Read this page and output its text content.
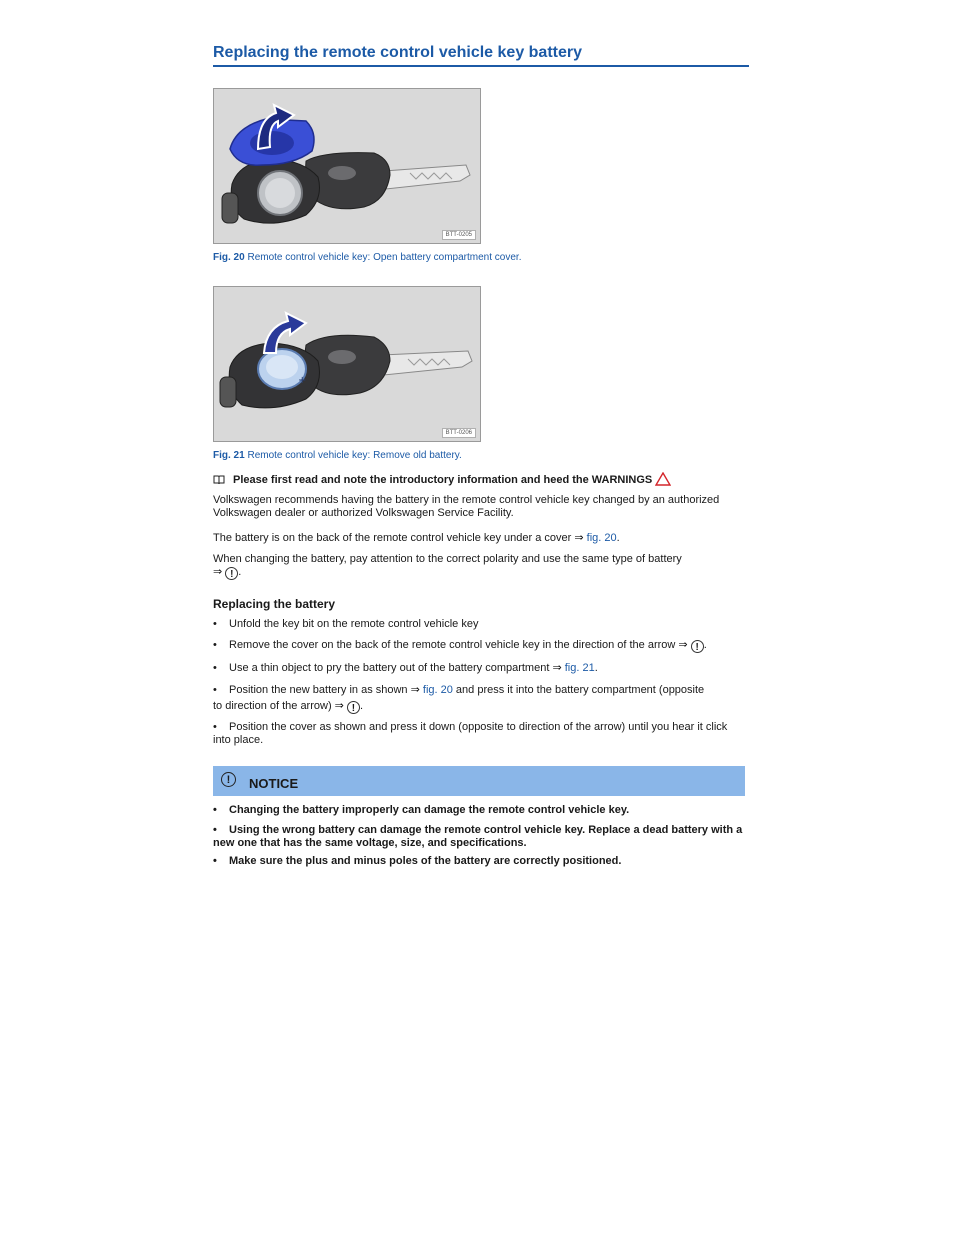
Replacing the remote control vehicle key battery
BTT-0205
Fig. 20 Remote control vehicle key: Open battery compartment cover.
+
BTT-0206
Fig. 21 Remote control vehicle key: Remove old battery.
Please first read and note the introductory information and heed the WARNINGS
Volkswagen recommends having the battery in the remote control vehicle key changed by an authorized Volkswagen dealer or authorized Volkswagen Service Facility.
The battery is on the back of the remote control vehicle key under a cover ⇒ fig. 20.
When changing the battery, pay attention to the correct polarity and use the same type of battery
⇒ ! .
Replacing the battery
• Unfold the key bit on the remote control vehicle key
• Remove the cover on the back of the remote control vehicle key in the direction of the arrow ⇒ ! .
• Use a thin object to pry the battery out of the battery compartment ⇒ fig. 21.
• Position the new battery in as shown ⇒ fig. 20 and press it into the battery compartment (opposite
to direction of the arrow) ⇒ ! .
• Position the cover as shown and press it down (opposite to direction of the arrow) until you hear it click into place.
!	NOTICE
• Changing the battery improperly can damage the remote control vehicle key.
• Using the wrong battery can damage the remote control vehicle key. Replace a dead battery with a new one that has the same voltage, size, and specifications.
• Make sure the plus and minus poles of the battery are correctly positioned.
